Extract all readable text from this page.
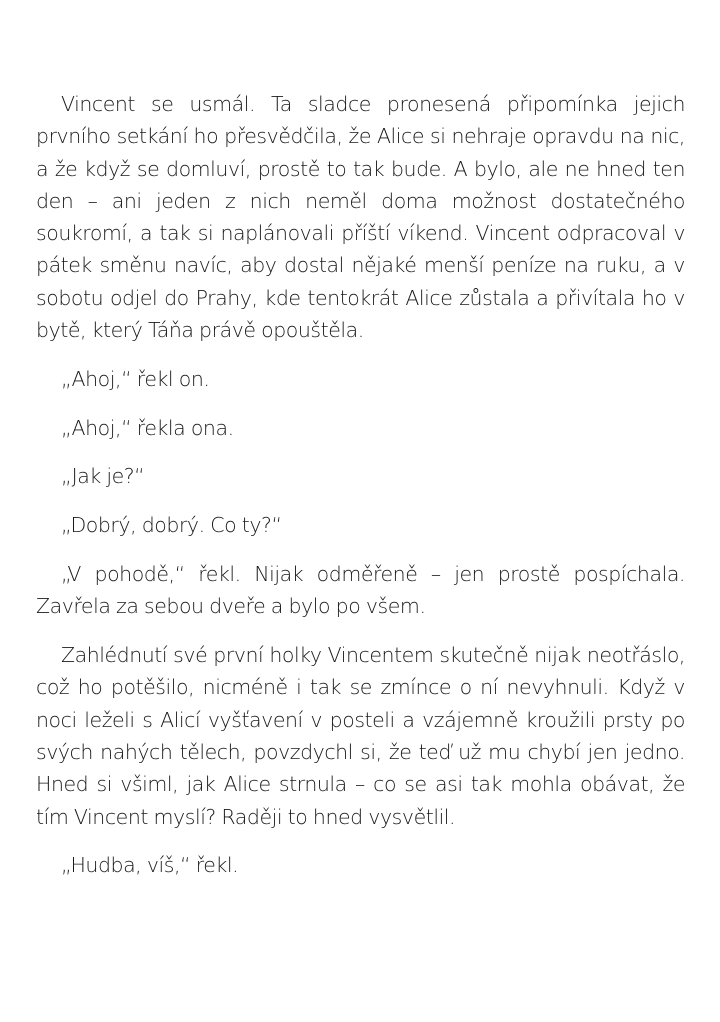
Vincent se usmál. Ta sladce pronesená připomínka jejich prvního setkání ho přesvědčila, že Alice si nehraje opravdu na nic, a že když se domluví, prostě to tak bude. A bylo, ale ne hned ten den – ani jeden z nich neměl doma možnost dostatečného soukromí, a tak si naplánovali příští víkend. Vincent odpracoval v pátek směnu navíc, aby dostal nějaké menší peníze na ruku, a v sobotu odjel do Prahy, kde tentokrát Alice zůstala a přivítala ho v bytě, který Táňa právě opouštěla.

„Ahoj,“ řekl on.

„Ahoj,“ řekla ona.

„Jak je?“

„Dobrý, dobrý. Co ty?“

„V pohodě,“ řekl. Nijak odměřeně – jen prostě pospíchala. Zavřela za sebou dveře a bylo po všem.

Zahlédnutí své první holky Vincentem skutečně nijak neotřáslo, což ho potěšilo, nicméně i tak se zmínce o ní nevyhnuli. Když v noci leželi s Alicí vyšťavení v posteli a vzájemně kroužili prsty po svých nahých tělech, povzdychl si, že teď už mu chybí jen jedno. Hned si všiml, jak Alice strnula – co se asi tak mohla obávat, že tím Vincent myslí? Raději to hned vysvětlil.

„Hudba, víš,“ řekl.
